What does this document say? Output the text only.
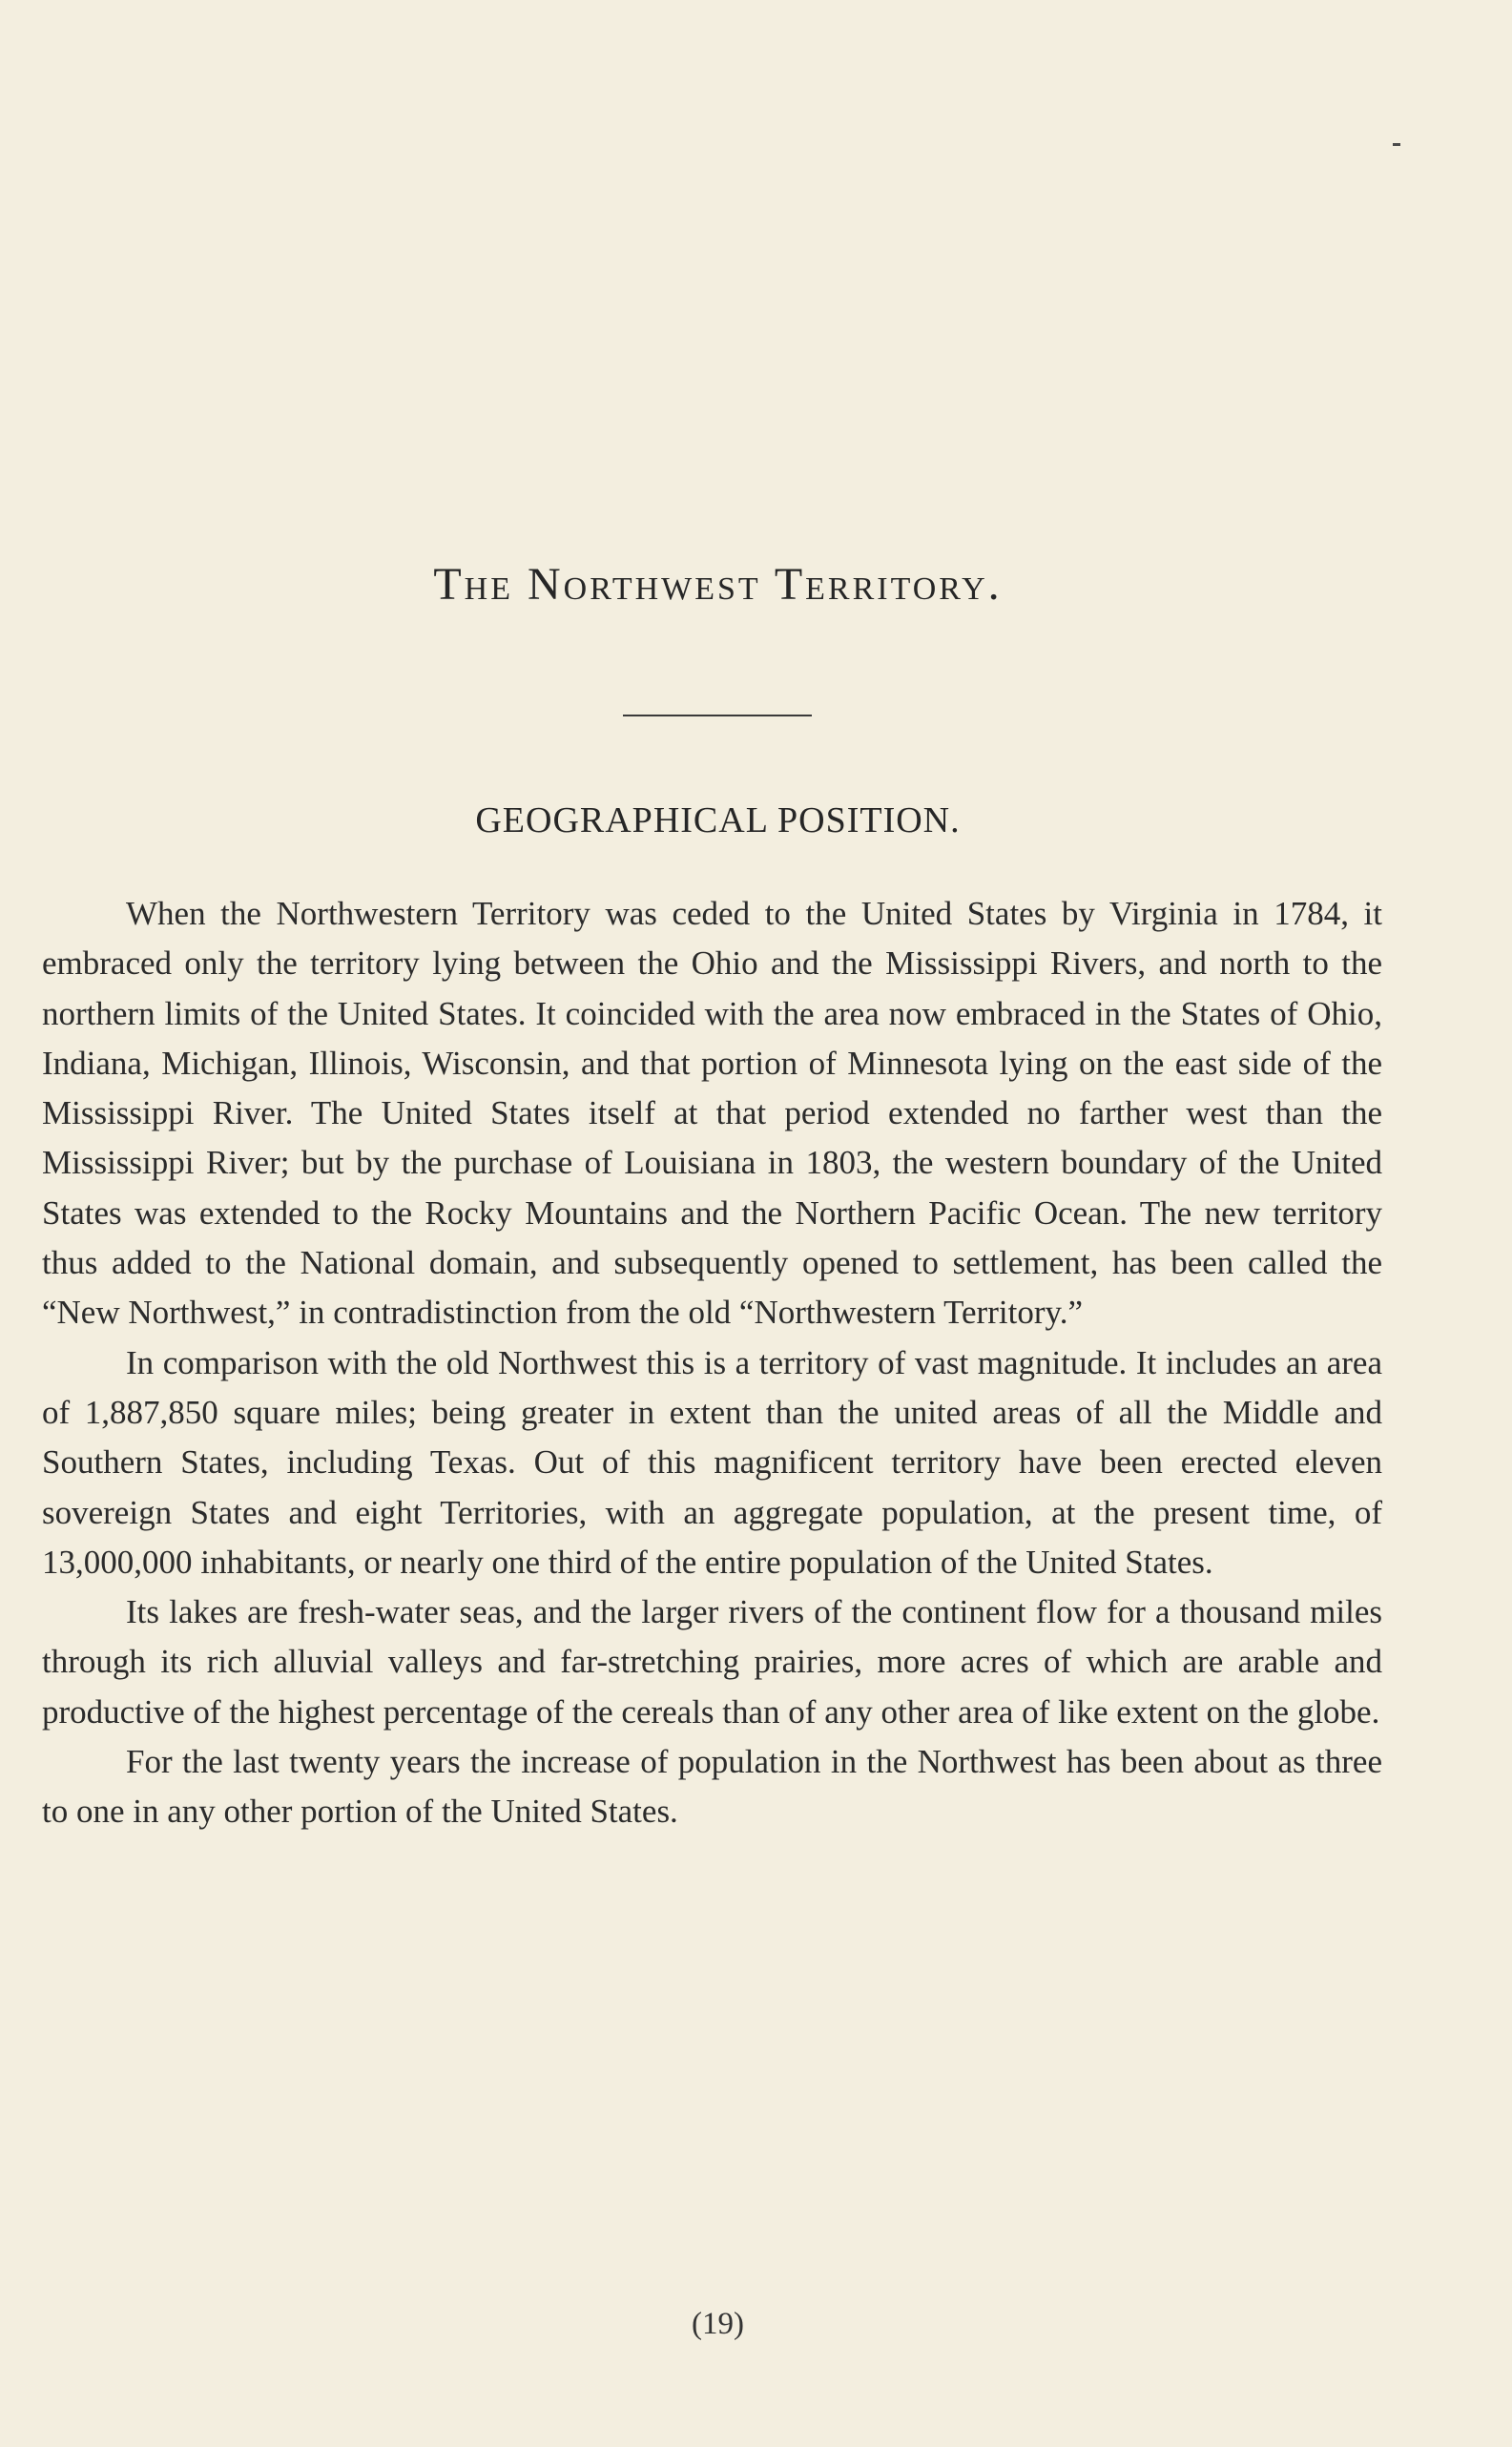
The Northwest Territory.
GEOGRAPHICAL POSITION.

When the Northwestern Territory was ceded to the United States by Virginia in 1784, it embraced only the territory lying between the Ohio and the Mississippi Rivers, and north to the northern limits of the United States. It coincided with the area now embraced in the States of Ohio, Indiana, Michigan, Illinois, Wisconsin, and that portion of Minnesota lying on the east side of the Mississippi River. The United States itself at that period extended no farther west than the Mississippi River; but by the purchase of Louisiana in 1803, the western boundary of the United States was extended to the Rocky Mountains and the Northern Pacific Ocean. The new territory thus added to the National domain, and subsequently opened to settlement, has been called the “New Northwest,” in contradistinction from the old “Northwestern Territory.”

In comparison with the old Northwest this is a territory of vast magnitude. It includes an area of 1,887,850 square miles; being greater in extent than the united areas of all the Middle and Southern States, including Texas. Out of this magnificent territory have been erected eleven sovereign States and eight Territories, with an aggregate population, at the present time, of 13,000,000 inhabitants, or nearly one third of the entire population of the United States.

Its lakes are fresh-water seas, and the larger rivers of the continent flow for a thousand miles through its rich alluvial valleys and far-stretching prairies, more acres of which are arable and productive of the highest percentage of the cereals than of any other area of like extent on the globe.

For the last twenty years the increase of population in the Northwest has been about as three to one in any other portion of the United States.

(19)
